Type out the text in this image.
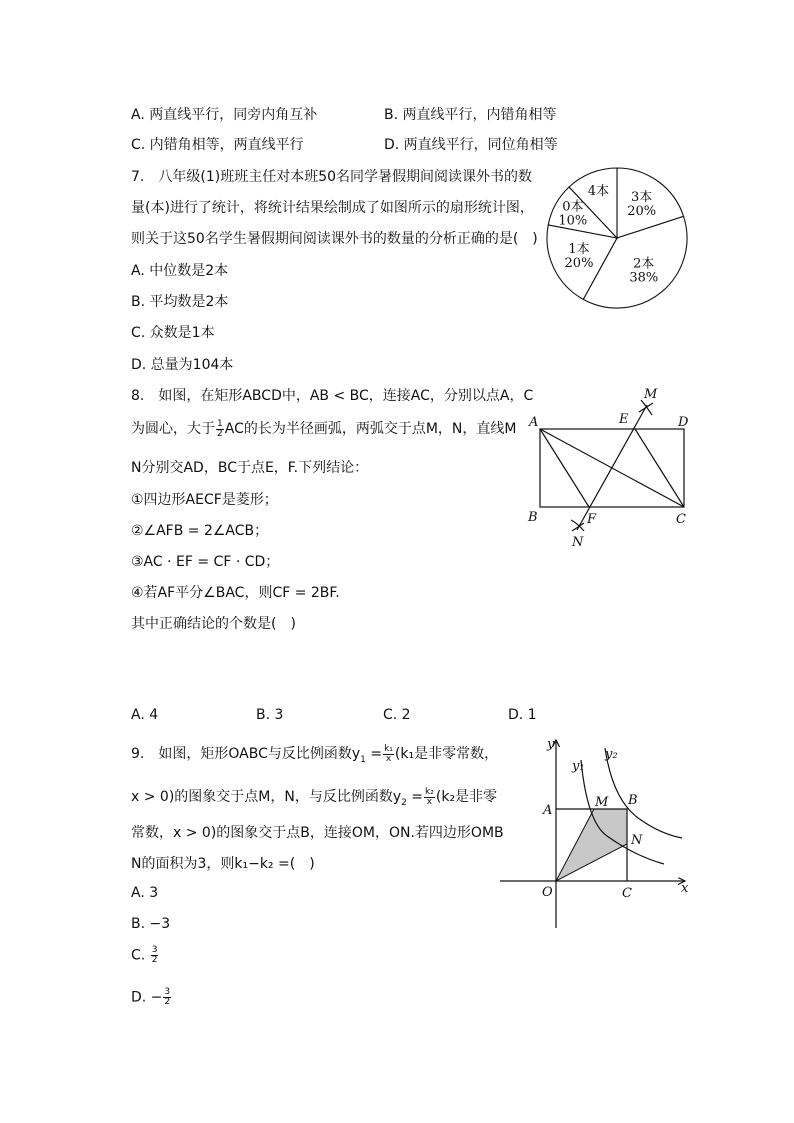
A. 两直线平行，同旁内角互补	B. 两直线平行，内错角相等
C. 内错角相等，两直线平行	D. 两直线平行，同位角相等
7.　八年级(1)班班主任对本班50名同学暑假期间阅读课外书的数
量(本)进行了统计，将统计结果绘制成了如图所示的扇形统计图，
则关于这50名学生暑假期间阅读课外书的数量的分析正确的是(　)
A. 中位数是2本
B. 平均数是2本
C. 众数是1本
D. 总量为104本
3本
20%
2本
38%
1本
20%
0本
10%
4本
8.　如图，在矩形ABCD中，AB < BC，连接AC，分别以点A，C
为圆心，大于 $\frac{1}{2}$ AC的长为半径画弧，两弧交于点M，N，直线M
N分别交AD，BC于点E，F.下列结论：
①四边形AECF是菱形；
②∠AFB = 2∠ACB；
③AC · EF = CF · CD；
④若AF平分∠BAC，则CF = 2BF.
其中正确结论的个数是(　)
A. 4	B. 3	C. 2	D. 1
A
B	C
D
E
F
M
N
9.　如图，矩形OABC与反比例函数$y_1 = \frac{\text{k₁}}{x} (k_1$是非零常数，
x > 0)的图象交于点M，N，与反比例函数$y_2 = \frac{\text{k₂}}{x} (k_2$是非零
常数，x > 0)的图象交于点B，连接OM，ON.若四边形OMB
N的面积为3，则k₁−k₂ =(　)
A. 3
B. −3
C. $\frac{3}{2}$
D. − $\frac{3}{2}$
y
x
y₁
y₂
A
B
M
N
O	C
